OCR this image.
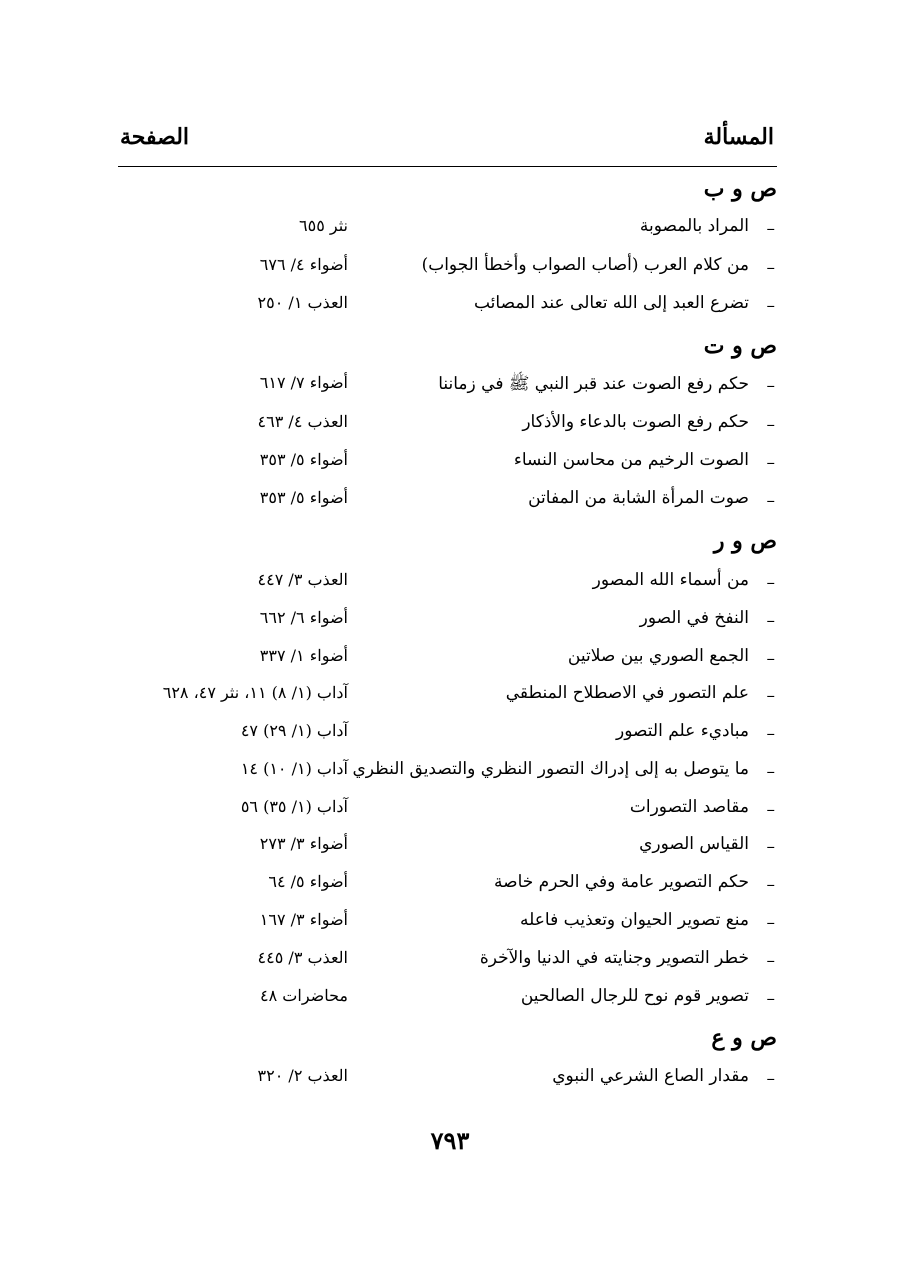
المسألة
الصفحة
ص و ب
–
المراد بالمصوبة
نثر ٦٥٥
–
من كلام العرب (أصاب الصواب وأخطأ الجواب)
أضواء ٤/ ٦٧٦
–
تضرع العبد إلى الله تعالى عند المصائب
العذب ١/ ٢٥٠
ص و ت
–
حكم رفع الصوت عند قبر النبي ﷺ في زماننا
أضواء ٧/ ٦١٧
–
حكم رفع الصوت بالدعاء والأذكار
العذب ٤/ ٤٦٣
–
الصوت الرخيم من محاسن النساء
أضواء ٥/ ٣٥٣
–
صوت المرأة الشابة من المفاتن
أضواء ٥/ ٣٥٣
ص و ر
–
من أسماء الله المصور
العذب ٣/ ٤٤٧
–
النفخ في الصور
أضواء ٦/ ٦٦٢
–
الجمع الصوري بين صلاتين
أضواء ١/ ٣٣٧
–
علم التصور في الاصطلاح المنطقي
آداب (١/ ٨) ١١، نثر ٤٧، ٦٢٨
–
مباديء علم التصور
آداب (١/ ٢٩) ٤٧
–
ما يتوصل به إلى إدراك التصور النظري والتصديق النظري
آداب (١/ ١٠) ١٤
–
مقاصد التصورات
آداب (١/ ٣٥) ٥٦
–
القياس الصوري
أضواء ٣/ ٢٧٣
–
حكم التصوير عامة وفي الحرم خاصة
أضواء ٥/ ٦٤
–
منع تصوير الحيوان وتعذيب فاعله
أضواء ٣/ ١٦٧
–
خطر التصوير وجنايته في الدنيا والآخرة
العذب ٣/ ٤٤٥
–
تصوير قوم نوح للرجال الصالحين
محاضرات ٤٨
ص و ع
–
مقدار الصاع الشرعي النبوي
العذب ٢/ ٣٢٠
٧٩٣
